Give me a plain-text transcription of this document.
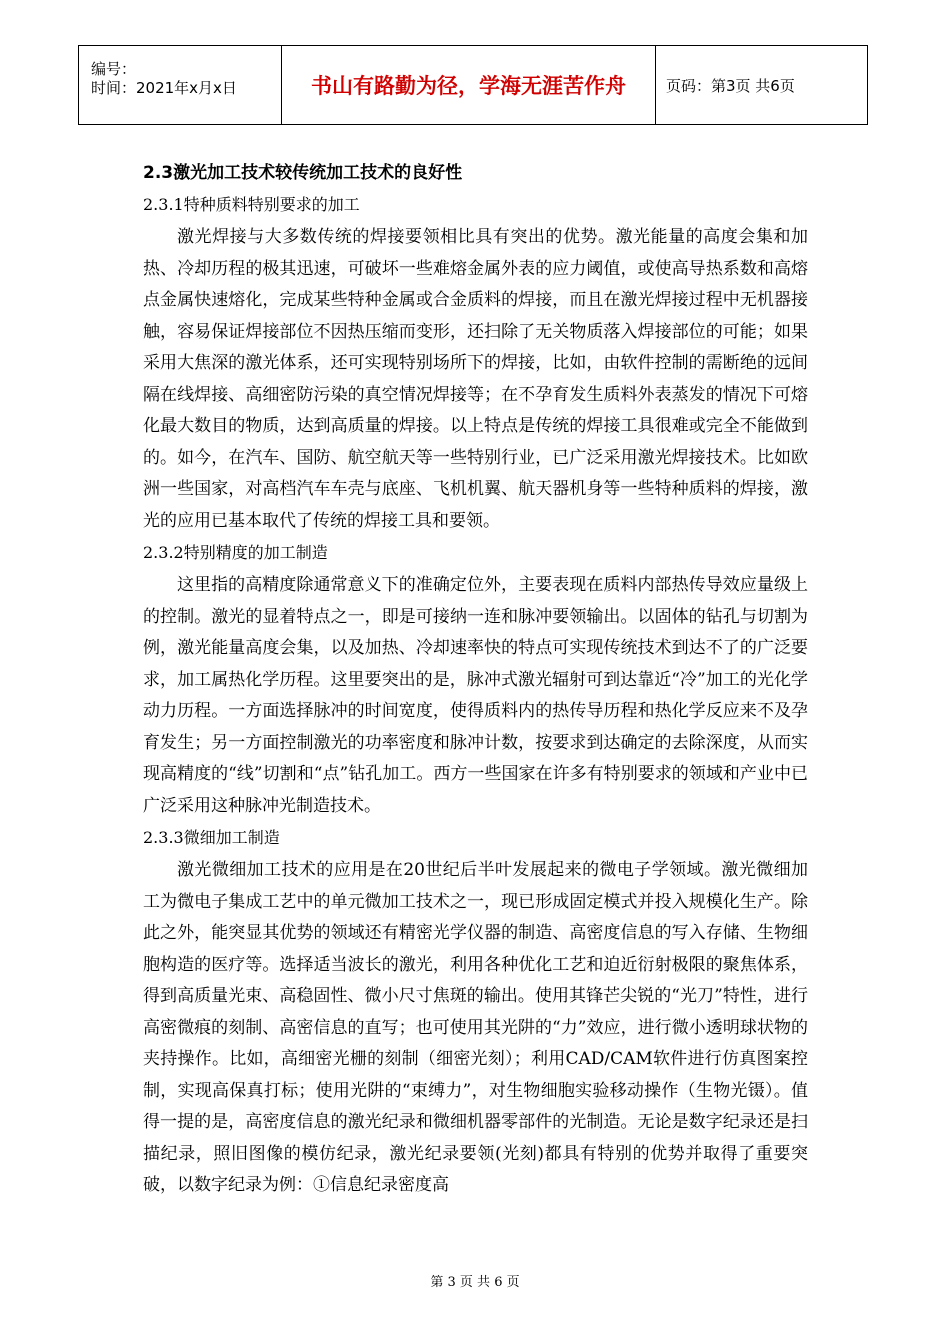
编号：
时间：2021年x月x日	书山有路勤为径，学海无涯苦作舟	页码：第3页 共6页
2.3激光加工技术较传统加工技术的良好性
2.3.1特种质料特别要求的加工

激光焊接与大多数传统的焊接要领相比具有突出的优势。激光能量的高度会集和加热、冷却历程的极其迅速，可破坏一些难熔金属外表的应力阈值，或使高导热系数和高熔点金属快速熔化，完成某些特种金属或合金质料的焊接，而且在激光焊接过程中无机器接触，容易保证焊接部位不因热压缩而变形，还扫除了无关物质落入焊接部位的可能；如果采用大焦深的激光体系，还可实现特别场所下的焊接，比如，由软件控制的需断绝的远间隔在线焊接、高细密防污染的真空情况焊接等；在不孕育发生质料外表蒸发的情况下可熔化最大数目的物质，达到高质量的焊接。以上特点是传统的焊接工具很难或完全不能做到的。如今，在汽车、国防、航空航天等一些特别行业，已广泛采用激光焊接技术。比如欧洲一些国家，对高档汽车车壳与底座、飞机机翼、航天器机身等一些特种质料的焊接，激光的应用已基本取代了传统的焊接工具和要领。

2.3.2特别精度的加工制造

这里指的高精度除通常意义下的准确定位外，主要表现在质料内部热传导效应量级上的控制。激光的显着特点之一，即是可接纳一连和脉冲要领输出。以固体的钻孔与切割为例，激光能量高度会集，以及加热、冷却速率快的特点可实现传统技术到达不了的广泛要求，加工属热化学历程。这里要突出的是，脉冲式激光辐射可到达靠近“冷”加工的光化学动力历程。一方面选择脉冲的时间宽度，使得质料内的热传导历程和热化学反应来不及孕育发生；另一方面控制激光的功率密度和脉冲计数，按要求到达确定的去除深度，从而实现高精度的“线”切割和“点”钻孔加工。西方一些国家在许多有特别要求的领域和产业中已广泛采用这种脉冲光制造技术。

2.3.3微细加工制造

激光微细加工技术的应用是在20世纪后半叶发展起来的微电子学领域。激光微细加工为微电子集成工艺中的单元微加工技术之一，现已形成固定模式并投入规模化生产。除此之外，能突显其优势的领域还有精密光学仪器的制造、高密度信息的写入存储、生物细胞构造的医疗等。选择适当波长的激光，利用各种优化工艺和迫近衍射极限的聚焦体系，得到高质量光束、高稳固性、微小尺寸焦斑的输出。使用其锋芒尖锐的“光刀”特性，进行高密微痕的刻制、高密信息的直写；也可使用其光阱的“力”效应，进行微小透明球状物的夹持操作。比如，高细密光栅的刻制（细密光刻）；利用CAD/CAM软件进行仿真图案控制，实现高保真打标；使用光阱的“束缚力”，对生物细胞实验移动操作（生物光镊）。值得一提的是，高密度信息的激光纪录和微细机器零部件的光制造。无论是数字纪录还是扫描纪录，照旧图像的模仿纪录，激光纪录要领(光刻)都具有特别的优势并取得了重要突破，以数字纪录为例：①信息纪录密度高

第 3 页 共 6 页
